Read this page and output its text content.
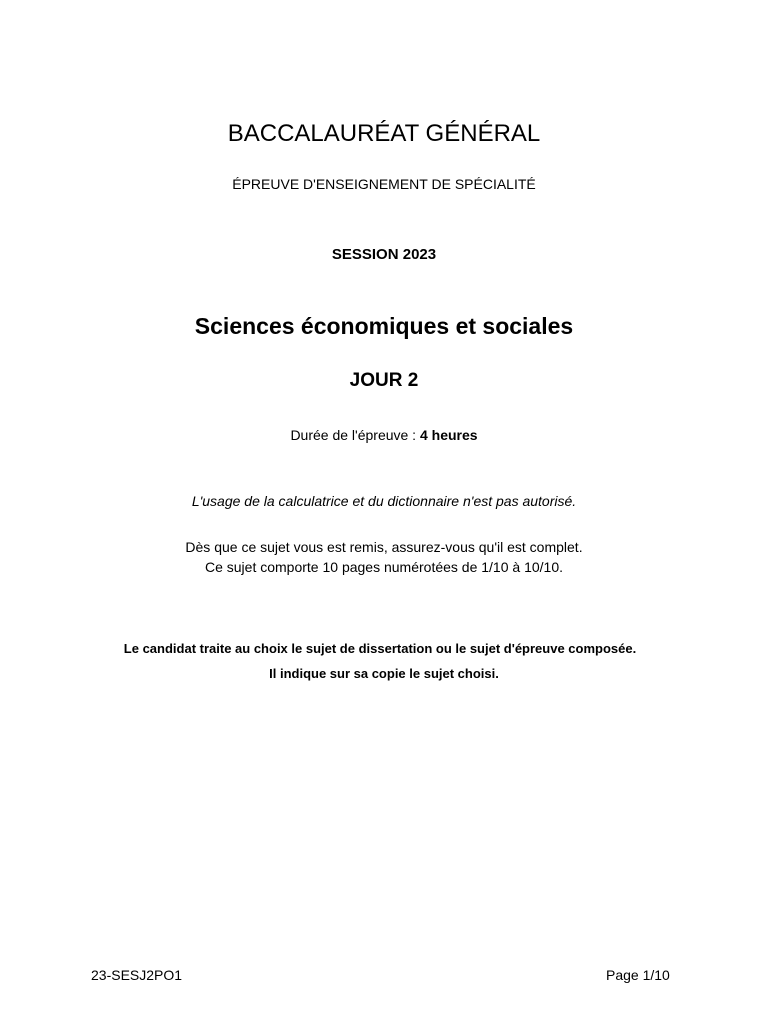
BACCALAURÉAT GÉNÉRAL
ÉPREUVE D'ENSEIGNEMENT DE SPÉCIALITÉ
SESSION 2023
Sciences économiques et sociales
JOUR 2
Durée de l'épreuve : 4 heures
L'usage de la calculatrice et du dictionnaire n'est pas autorisé.
Dès que ce sujet vous est remis, assurez-vous qu'il est complet.
Ce sujet comporte 10 pages numérotées de 1/10 à 10/10.
Le candidat traite au choix le sujet de dissertation ou le sujet d'épreuve composée.
Il indique sur sa copie le sujet choisi.
23-SESJ2PO1	Page 1/10
